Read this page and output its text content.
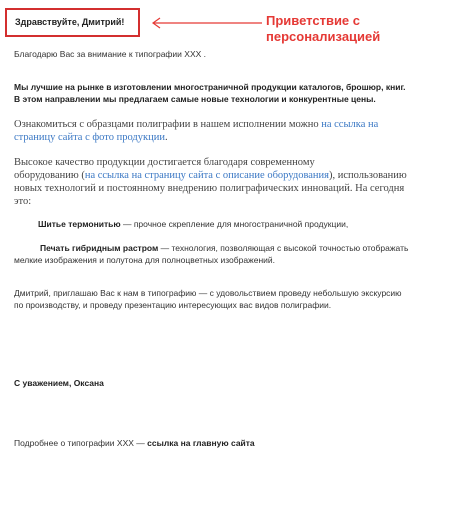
Здравствуйте, Дмитрий!	Приветствие с
персонализацией

Благодарю Вас за внимание к типографии ХХХ .

Мы лучшие на рынке в изготовлении многостраничной продукции каталогов, брошюр, книг.
В этом направлении мы предлагаем самые новые технологии и конкурентные цены.
Ознакомиться с образцами полиграфии в нашем исполнении можно на ссылка на
страницу сайта с фото продукции.
Высокое качество продукции достигается благодаря современному
оборудованию (на ссылка на страницу сайта с описание оборудования), использованию
новых технологий и постоянному внедрению полиграфических инноваций. На сегодня
это:
Шитье термонитью — прочное скрепление для многостраничной продукции,
Печать гибридным растром — технология, позволяющая с высокой точностью отображать
мелкие изображения и полутона для полноцветных изображений.
Дмитрий, приглашаю Вас к нам в типографию — с удовольствием проведу небольшую экскурсию
по производству, и проведу презентацию интересующих вас видов полиграфии.

С уважением, Оксана

Подробнее о типографии ХХХ — ссылка на главную сайта
